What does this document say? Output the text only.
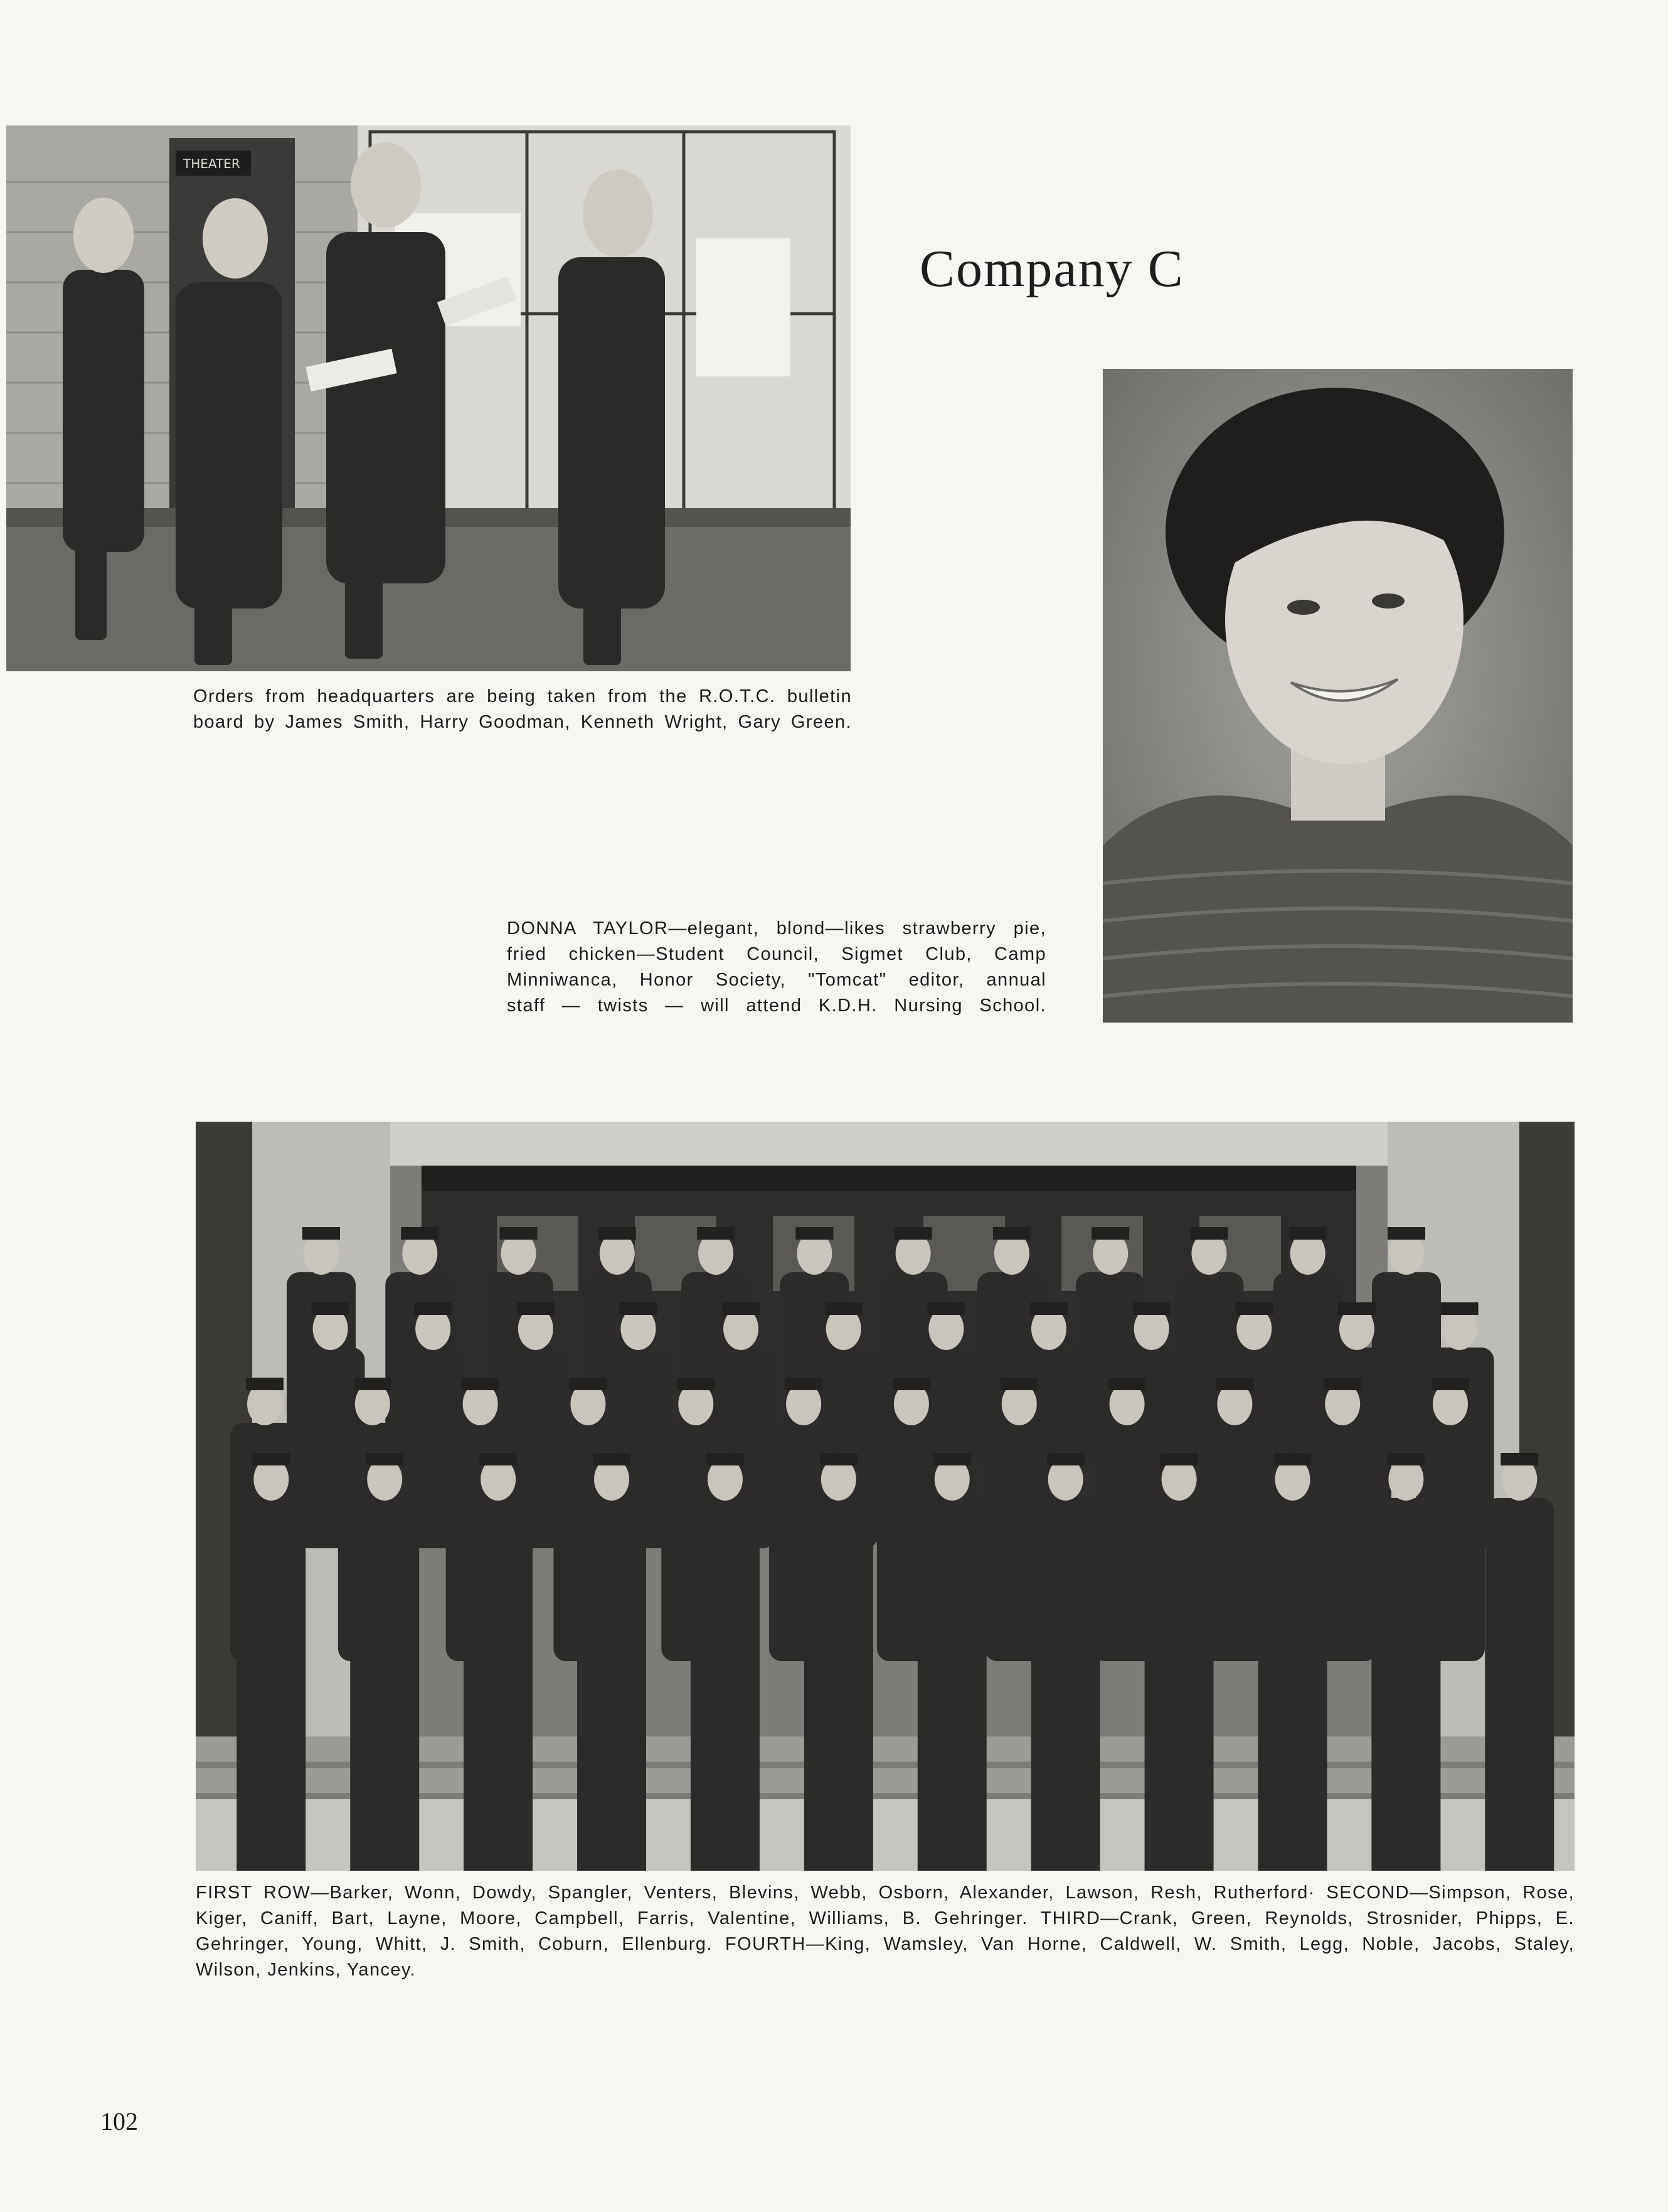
THEATER
Company C
Orders from headquarters are being taken from the R.O.T.C. bulletin
board by James Smith, Harry Goodman, Kenneth Wright, Gary Green.
DONNA TAYLOR—elegant, blond—likes strawberry pie,
fried chicken—Student Council, Sigmet Club, Camp
Minniwanca, Honor Society, "Tomcat" editor, annual
staff — twists — will attend K.D.H. Nursing School.
FIRST ROW—Barker, Wonn, Dowdy, Spangler, Venters, Blevins, Webb, Osborn, Alexander, Lawson, Resh, Rutherford· SECOND—Simpson, Rose,
Kiger, Caniff, Bart, Layne, Moore, Campbell, Farris, Valentine, Williams, B. Gehringer. THIRD—Crank, Green, Reynolds, Strosnider, Phipps, E.
Gehringer, Young, Whitt, J. Smith, Coburn, Ellenburg. FOURTH—King, Wamsley, Van Horne, Caldwell, W. Smith, Legg, Noble, Jacobs, Staley,
Wilson, Jenkins, Yancey.
102
